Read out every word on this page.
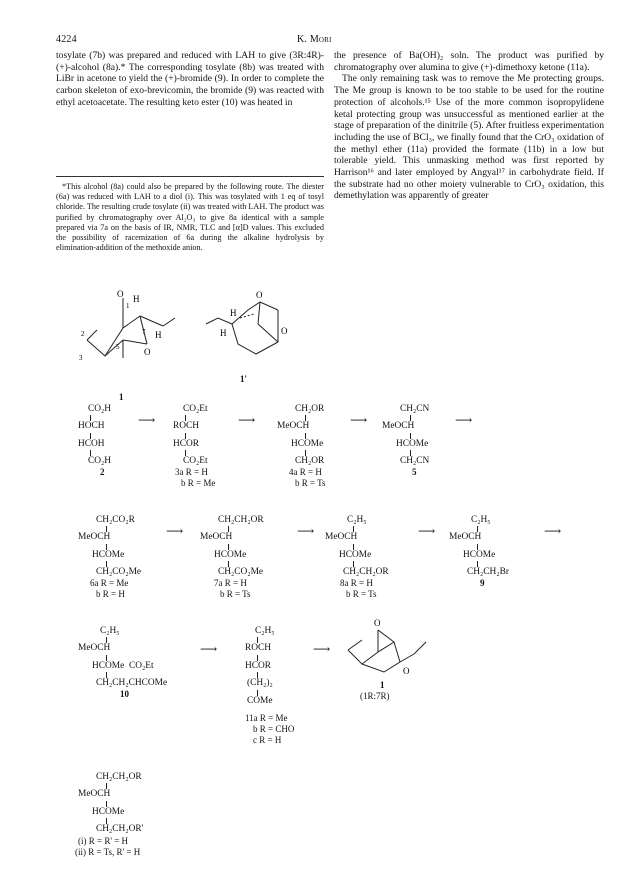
4224	K. Mori

tosylate (7b) was prepared and reduced with LAH to give (3R:4R)-(+)-alcohol (8a).* The corresponding tosylate (8b) was treated with LiBr in acetone to yield the (+)-bromide (9). In order to complete the carbon skeleton of exo-brevicomin, the bromide (9) was reacted with ethyl acetoacetate. The resulting keto ester (10) was heated in

*This alcohol (8a) could also be prepared by the following route. The diester (6a) was reduced with LAH to a diol (i). This was tosylated with 1 eq of tosyl chloride. The resulting crude tosylate (ii) was treated with LAH. The product was purified by chromatography over Al₂O₃ to give 8a identical with a sample prepared via 7a on the basis of IR, NMR, TLC and [α]D values. This excluded the possibility of racemization of 6a during the alkaline hydrolysis by elimination-addition of the methoxide anion.

the presence of Ba(OH)₂ soln. The product was purified by chromatography over alumina to give (+)-dimethoxy ketone (11a).

The only remaining task was to remove the Me protecting groups. The Me group is known to be too stable to be used for the routine protection of alcohols.¹⁵ Use of the more common isopropylidene ketal protecting group was unsuccessful as mentioned earlier at the stage of preparation of the dinitrile (5). After fruitless experimentation including the use of BCl₃, we finally found that the CrO₃ oxidation of the methyl ether (11a) provided the formate (11b) in a low but tolerable yield. This unmasking method was first reported by Harrison¹⁶ and later employed by Angyal¹⁷ in carbohydrate field. If the substrate had no other moiety vulnerable to CrO₃ oxidation, this demethylation was apparently of greater

O H
H
O
1
2
3
5
7
1
O
H
H	O
1'

CO₂H

HOCH

HCOH

CO₂H

2
⟶

CO₂Et

ROCH

HCOR

CO₂Et

3a R = H
b R = Me
⟶

CH₂OR

MeOCH

HCOMe

CH₂OR

4a R = H
b R = Ts
⟶

CH₂CN

MeOCH

HCOMe

CH₂CN

5
⟶

CH₂CO₂R

MeOCH

HCOMe

CH₂CO₂Me

6a R = Me
b R = H
⟶

CH₂CH₂OR

MeOCH

HCOMe

CH₂CO₂Me

7a R = H
b R = Ts
⟶

C₂H₅

MeOCH

HCOMe

CH₂CH₂OR

8a R = H
b R = Ts
⟶

C₂H₅

MeOCH

HCOMe

CH₂CH₂Br

9
⟶

C₂H₅

MeOCH

HCOMe  CO₂Et

CH₂CH₂CHCOMe

10
⟶

C₂H₅

ROCH

HCOR

(CH₂)₂

COMe

11a R = Me
b R = CHO
c R = H
⟶
O
O
1
(1R:7R)

CH₂CH₂OR

MeOCH

HCOMe

CH₂CH₂OR'

(i) R = R' = H
(ii) R = Ts, R' = H
